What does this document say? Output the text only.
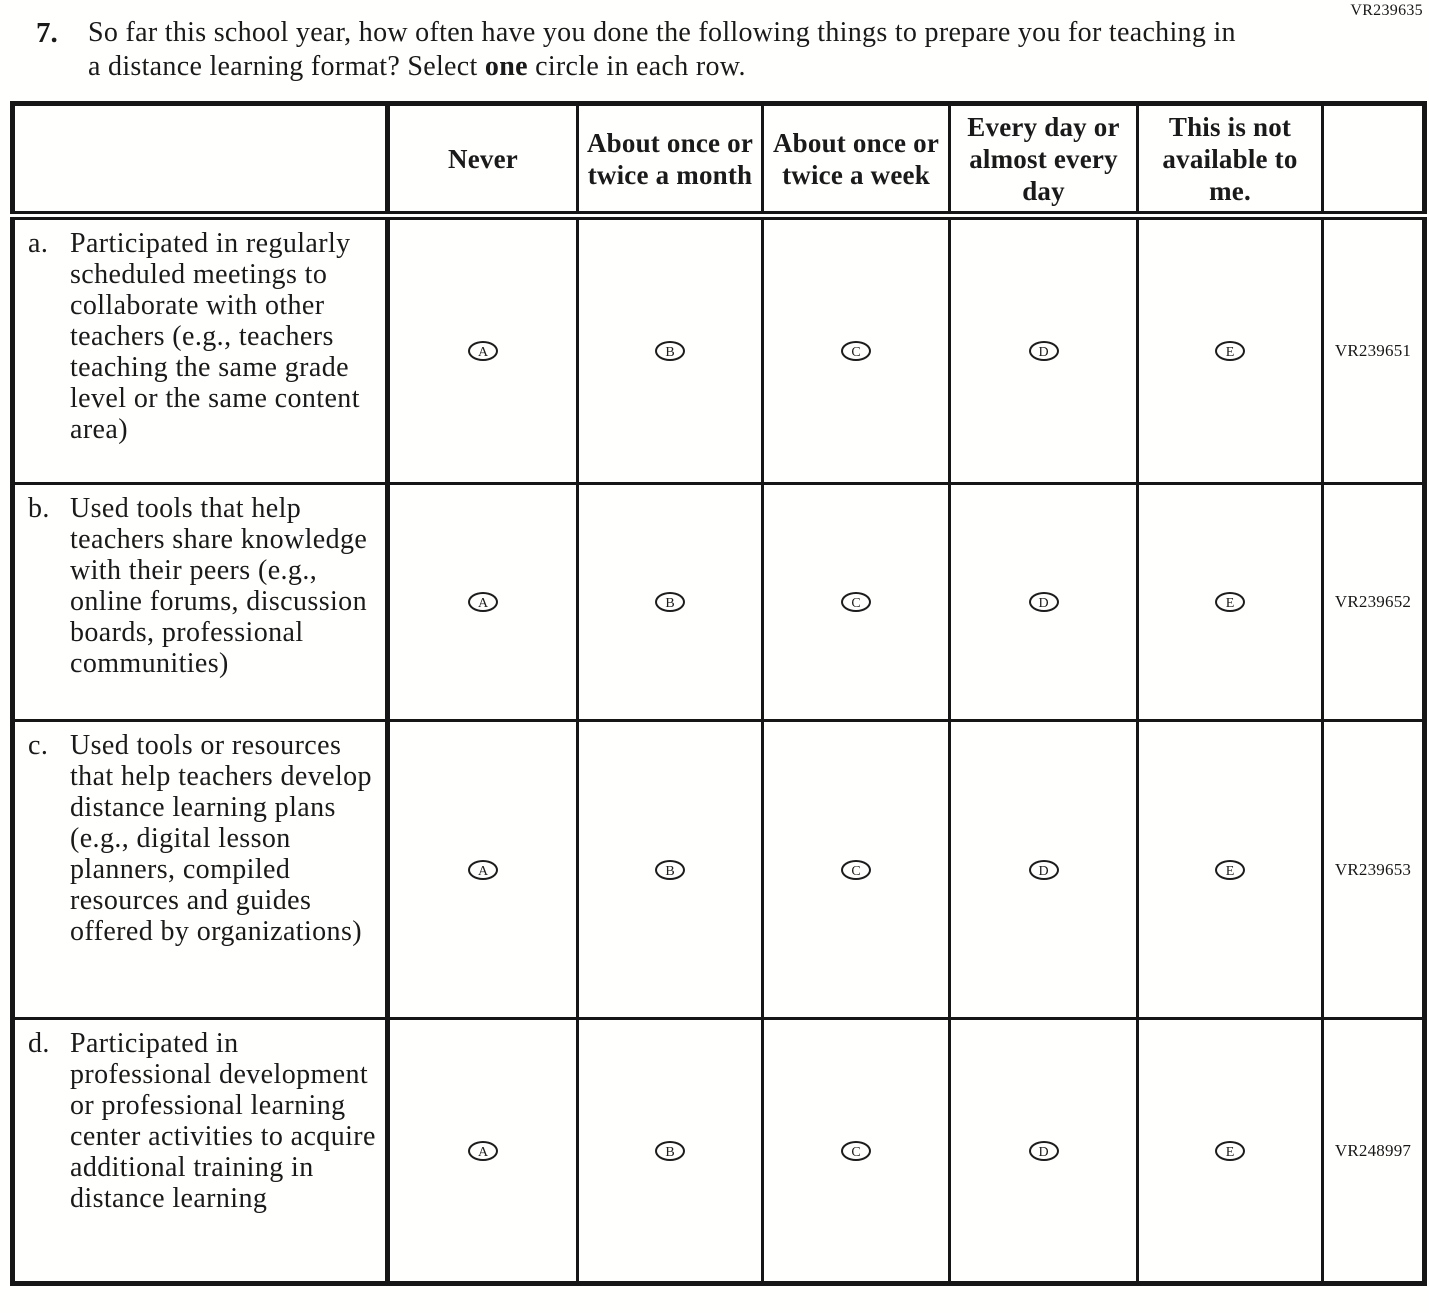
VR239635
7.	So far this school year, how often have you done the following things to prepare you for teaching in a distance learning format? Select one circle in each row.
	Never	About once or twice a month	About once or twice a week	Every day or almost every day	This is not available to me.	

a. Participated in regularly scheduled meetings to collaborate with other teachers (e.g., teachers teaching the same grade level or the same content area)	A	B	C	D	E	VR239651

b. Used tools that help teachers share knowledge with their peers (e.g., online forums, discussion boards, professional communities)	A	B	C	D	E	VR239652

c. Used tools or resources that help teachers develop distance learning plans (e.g., digital lesson planners, compiled resources and guides offered by organizations)	A	B	C	D	E	VR239653

d. Participated in professional development or professional learning center activities to acquire additional training in distance learning	A	B	C	D	E	VR248997
